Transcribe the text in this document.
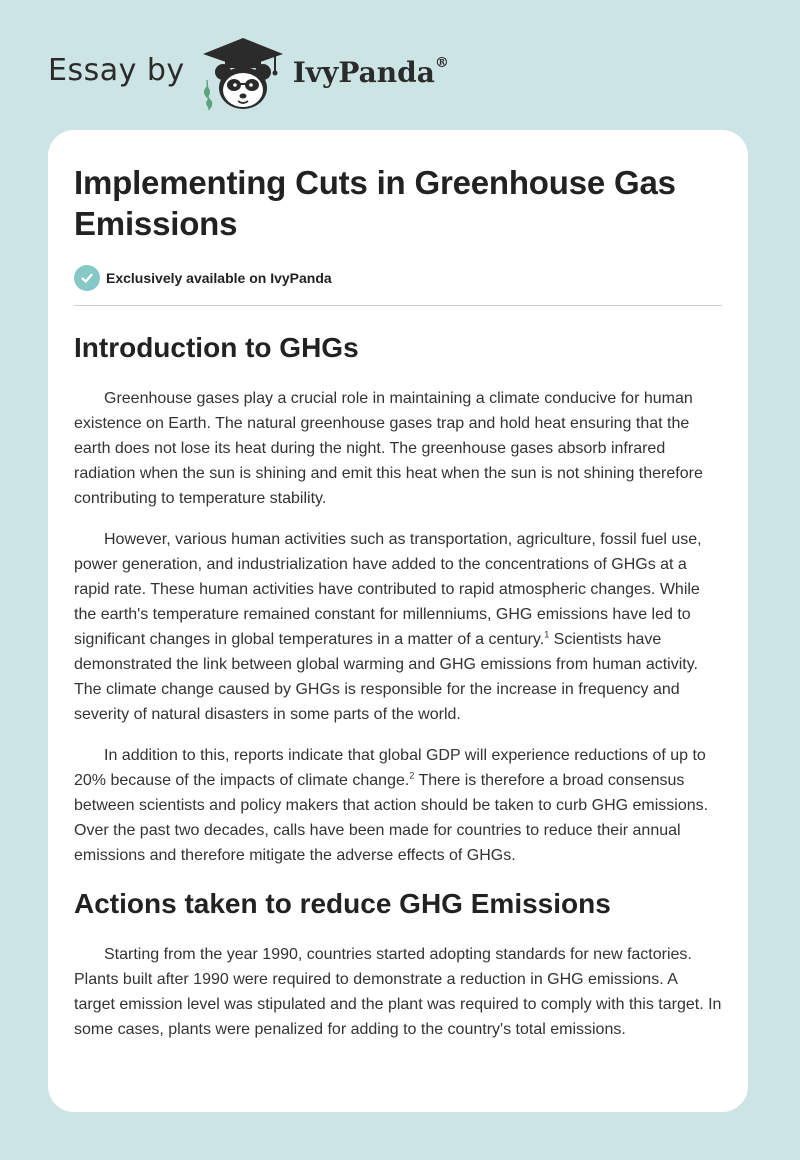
Essay by	IvyPanda®
Implementing Cuts in Greenhouse Gas Emissions
Exclusively available on IvyPanda
Introduction to GHGs

Greenhouse gases play a crucial role in maintaining a climate conducive for human existence on Earth. The natural greenhouse gases trap and hold heat ensuring that the earth does not lose its heat during the night. The greenhouse gases absorb infrared radiation when the sun is shining and emit this heat when the sun is not shining therefore contributing to temperature stability.

However, various human activities such as transportation, agriculture, fossil fuel use, power generation, and industrialization have added to the concentrations of GHGs at a rapid rate. These human activities have contributed to rapid atmospheric changes. While the earth's temperature remained constant for millenniums, GHG emissions have led to significant changes in global temperatures in a matter of a century.$^1$ Scientists have demonstrated the link between global warming and GHG emissions from human activity. The climate change caused by GHGs is responsible for the increase in frequency and severity of natural disasters in some parts of the world.

In addition to this, reports indicate that global GDP will experience reductions of up to 20% because of the impacts of climate change.$^2$ There is therefore a broad consensus between scientists and policy makers that action should be taken to curb GHG emissions. Over the past two decades, calls have been made for countries to reduce their annual emissions and therefore mitigate the adverse effects of GHGs.

Actions taken to reduce GHG Emissions

Starting from the year 1990, countries started adopting standards for new factories. Plants built after 1990 were required to demonstrate a reduction in GHG emissions. A target emission level was stipulated and the plant was required to comply with this target. In some cases, plants were penalized for adding to the country's total emissions.
